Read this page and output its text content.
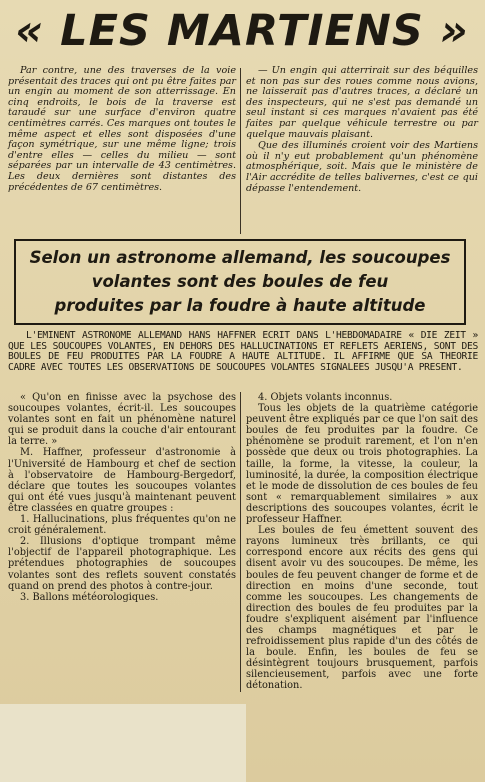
« LES MARTIENS »

Par contre, une des traverses de la voie présentait des traces qui ont pu être faites par un engin au moment de son atterrissage. En cinq endroits, le bois de la traverse est taraudé sur une surface d'environ quatre centimètres carrés. Ces marques ont toutes le même aspect et elles sont disposées d'une façon symétrique, sur une même ligne; trois d'entre elles — celles du milieu — sont séparées par un intervalle de 43 centimètres. Les deux dernières sont distantes des précédentes de 67 centimètres.

— Un engin qui atterrirait sur des béquilles et non pas sur des roues comme nous avions, ne laisserait pas d'autres traces, a déclaré un des inspecteurs, qui ne s'est pas demandé un seul instant si ces marques n'avaient pas été faites par quelque véhicule terrestre ou par quelque mauvais plaisant.

Que des illuminés croient voir des Martiens où il n'y eut probablement qu'un phénomène atmosphérique, soit. Mais que le ministère de l'Air accrédite de telles balivernes, c'est ce qui dépasse l'entendement.

Selon un astronome allemand, les soucoupes
volantes sont des boules de feu
produites par la foudre à haute altitude

L'EMINENT ASTRONOME ALLEMAND HANS HAFFNER ECRIT DANS L'HEBDOMADAIRE « DIE ZEIT » QUE LES SOUCOUPES VOLANTES, EN DEHORS DES HALLUCINATIONS ET REFLETS AERIENS, SONT DES BOULES DE FEU PRODUITES PAR LA FOUDRE A HAUTE ALTITUDE. IL AFFIRME QUE SA THEORIE CADRE AVEC TOUTES LES OBSERVATIONS DE SOUCOUPES VOLANTES SIGNALEES JUSQU'A PRESENT.

« Qu'on en finisse avec la psychose des soucoupes volantes, écrit-il. Les soucoupes volantes sont en fait un phénomène naturel qui se produit dans la couche d'air entourant la terre. »

M. Haffner, professeur d'astronomie à l'Université de Hambourg et chef de section à l'observatoire de Hambourg-Bergedorf, déclare que toutes les soucoupes volantes qui ont été vues jusqu'à maintenant peuvent être classées en quatre groupes :

1. Hallucinations, plus fréquentes qu'on ne croit généralement.

2. Illusions d'optique trompant même l'objectif de l'appareil photographique. Les prétendues photographies de soucoupes volantes sont des reflets souvent constatés quand on prend des photos à contre-jour.

3. Ballons météorologiques.

4. Objets volants inconnus.

Tous les objets de la quatrième catégorie peuvent être expliqués par ce que l'on sait des boules de feu produites par la foudre. Ce phénomène se produit rarement, et l'on n'en possède que deux ou trois photographies. La taille, la forme, la vitesse, la couleur, la luminosité, la durée, la composition électrique et le mode de dissolution de ces boules de feu sont « remarquablement similaires » aux descriptions des soucoupes volantes, écrit le professeur Haffner.

Les boules de feu émettent souvent des rayons lumineux très brillants, ce qui correspond encore aux récits des gens qui disent avoir vu des soucoupes. De même, les boules de feu peuvent changer de forme et de direction en moins d'une seconde, tout comme les soucoupes. Les changements de direction des boules de feu produites par la foudre s'expliquent aisément par l'influence des champs magnétiques et par le refroidissement plus rapide d'un des côtés de la boule. Enfin, les boules de feu se désintègrent toujours brusquement, parfois silencieusement, parfois avec une forte détonation.
